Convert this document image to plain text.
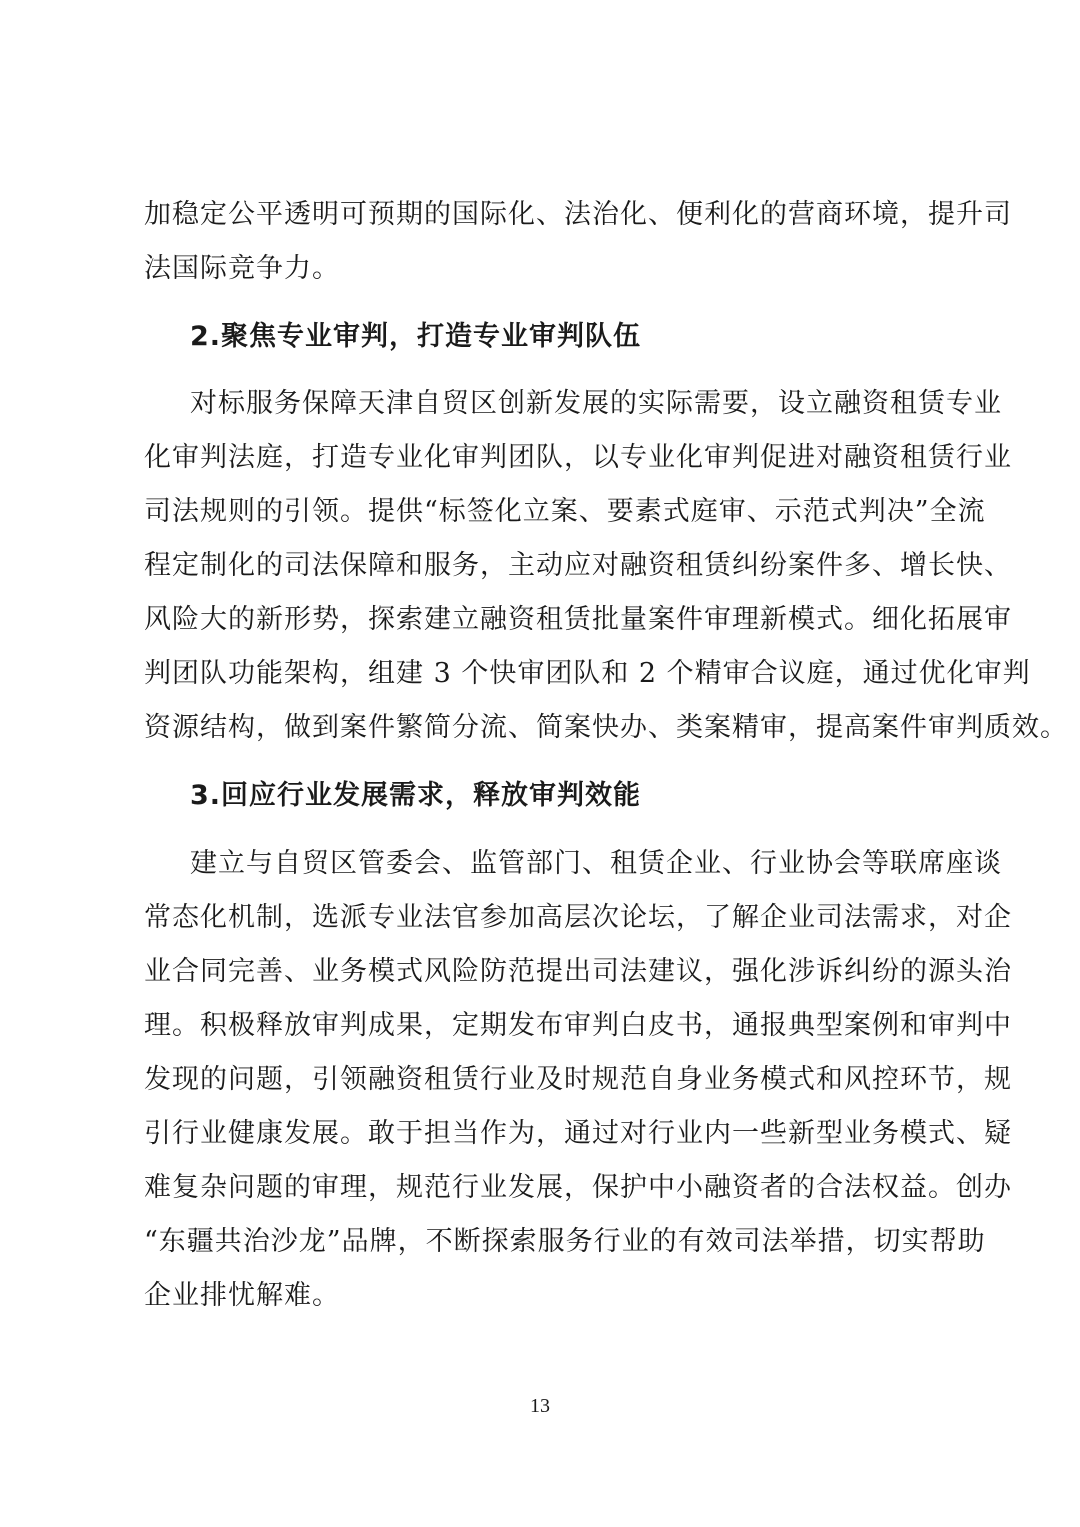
加稳定公平透明可预期的国际化、法治化、便利化的营商环境，提升司
法国际竞争力。
2.聚焦专业审判，打造专业审判队伍
对标服务保障天津自贸区创新发展的实际需要，设立融资租赁专业
化审判法庭，打造专业化审判团队，以专业化审判促进对融资租赁行业
司法规则的引领。提供“标签化立案、要素式庭审、示范式判决”全流
程定制化的司法保障和服务，主动应对融资租赁纠纷案件多、增长快、
风险大的新形势，探索建立融资租赁批量案件审理新模式。细化拓展审
判团队功能架构，组建 3 个快审团队和 2 个精审合议庭，通过优化审判
资源结构，做到案件繁简分流、简案快办、类案精审，提高案件审判质效。
3.回应行业发展需求，释放审判效能
建立与自贸区管委会、监管部门、租赁企业、行业协会等联席座谈
常态化机制，选派专业法官参加高层次论坛，了解企业司法需求，对企
业合同完善、业务模式风险防范提出司法建议，强化涉诉纠纷的源头治
理。积极释放审判成果，定期发布审判白皮书，通报典型案例和审判中
发现的问题，引领融资租赁行业及时规范自身业务模式和风控环节，规
引行业健康发展。敢于担当作为，通过对行业内一些新型业务模式、疑
难复杂问题的审理，规范行业发展，保护中小融资者的合法权益。创办
“东疆共治沙龙”品牌，不断探索服务行业的有效司法举措，切实帮助
企业排忧解难。
13
